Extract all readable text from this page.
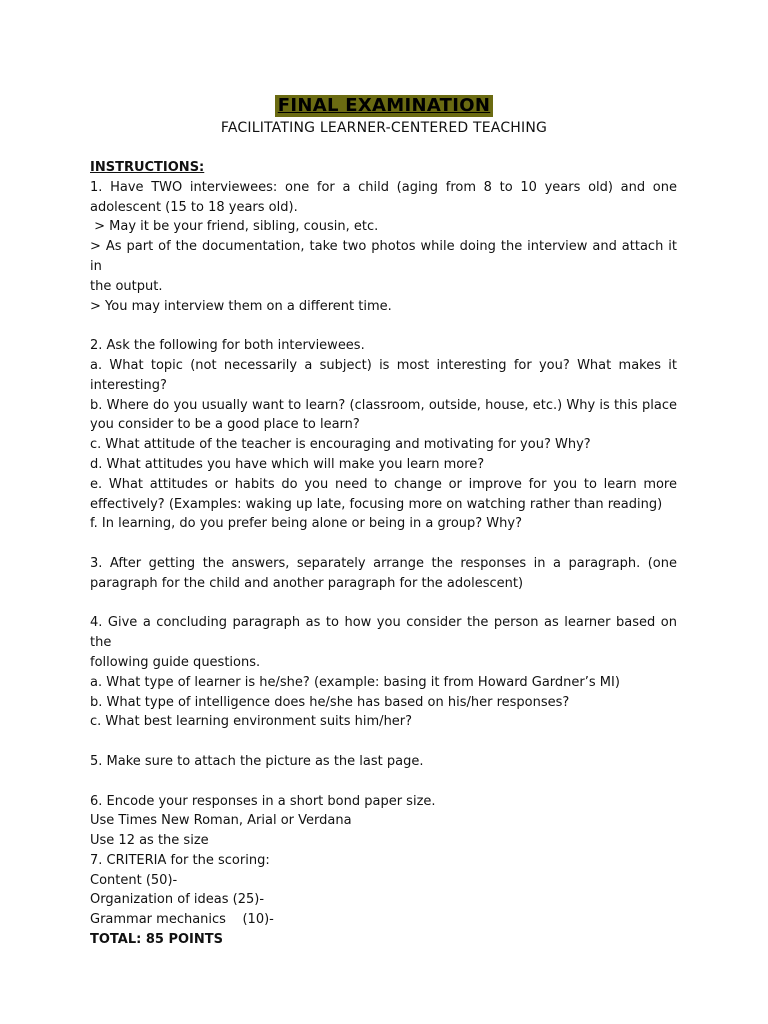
FINAL EXAMINATION
FACILITATING LEARNER-CENTERED TEACHING
INSTRUCTIONS:
1. Have TWO interviewees: one for a child (aging from 8 to 10 years old) and one
adolescent (15 to 18 years old).
> May it be your friend, sibling, cousin, etc.
> As part of the documentation, take two photos while doing the interview and attach it in
the output.
> You may interview them on a different time.
2. Ask the following for both interviewees.
a. What topic (not necessarily a subject) is most interesting for you? What makes it
interesting?
b. Where do you usually want to learn? (classroom, outside, house, etc.) Why is this place
you consider to be a good place to learn?
c. What attitude of the teacher is encouraging and motivating for you? Why?
d. What attitudes you have which will make you learn more?
e. What attitudes or habits do you need to change or improve for you to learn more
effectively? (Examples: waking up late, focusing more on watching rather than reading)
f. In learning, do you prefer being alone or being in a group? Why?
3. After getting the answers, separately arrange the responses in a paragraph. (one
paragraph for the child and another paragraph for the adolescent)
4. Give a concluding paragraph as to how you consider the person as learner based on the
following guide questions.
a. What type of learner is he/she? (example: basing it from Howard Gardner’s MI)
b. What type of intelligence does he/she has based on his/her responses?
c. What best learning environment suits him/her?
5. Make sure to attach the picture as the last page.
6. Encode your responses in a short bond paper size.
Use Times New Roman, Arial or Verdana
Use 12 as the size
7. CRITERIA for the scoring:
Content (50)-
Organization of ideas (25)-
Grammar mechanics    (10)-
TOTAL: 85 POINTS
